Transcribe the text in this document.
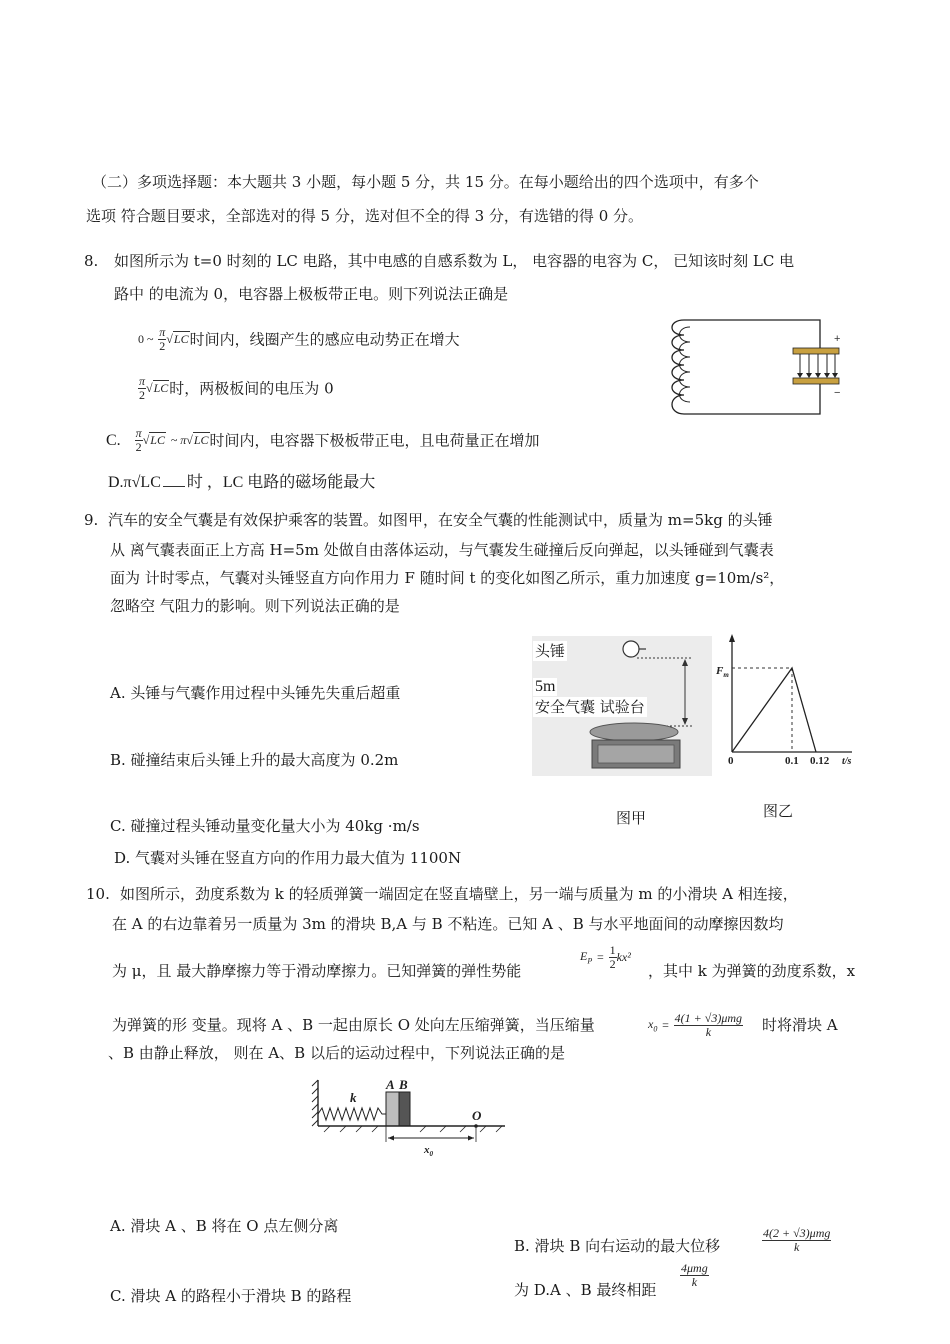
（二）多项选择题：本大题共 3 小题，每小题 5 分，共 15 分。在每小题给出的四个选项中，有多个
选项 符合题目要求，全部选对的得 5 分，选对但不全的得 3 分，有选错的得 0 分。
8. 如图所示为 t=0 时刻的 LC 电路，其中电感的自感系数为 L， 电容器的电容为 C， 已知该时刻 LC 电
路中 的电流为 0，电容器上极板带正电。则下列说法正确是
0 ~ $\frac{\pi}{2} √LC$时间内，线圈产生的感应电动势正在增大
$\frac{\pi}{2} √LC$时，两极板间的电压为 0
C. $\frac{\pi}{2} √LC$ ~ π√LC时间内，电容器下极板带正电，且电荷量正在增加
D.π√LC 时 ，LC 电路的磁场能最大
+
−
9. 汽车的安全气囊是有效保护乘客的装置。如图甲，在安全气囊的性能测试中，质量为 m=5kg 的头锤
从 离气囊表面正上方高 H=5m 处做自由落体运动，与气囊发生碰撞后反向弹起，以头锤碰到气囊表
面为 计时零点，气囊对头锤竖直方向作用力 F 随时间 t 的变化如图乙所示，重力加速度 g=10m/s²，
忽略空 气阻力的影响。则下列说法正确的是
A. 头锤与气囊作用过程中头锤先失重后超重
B. 碰撞结束后头锤上升的最大高度为 0.2m
C. 碰撞过程头锤动量变化量大小为 40kg ·m/s
D. 气囊对头锤在竖直方向的作用力最大值为 1100N
头锤
5m
安全气囊 试验台
图甲
$F_m$
0	0.1 0.12 t/s
图乙
10. 如图所示，劲度系数为 k 的轻质弹簧一端固定在竖直墙壁上，另一端与质量为 m 的小滑块 A 相连接，
在 A 的右边靠着另一质量为 3m 的滑块 B,A 与 B 不粘连。已知 A 、B 与水平地面间的动摩擦因数均
为 μ，且 最大静摩擦力等于滑动摩擦力。已知弹簧的弹性势能
$E_P = \frac{1}{2} kx^2$
，其中 k 为弹簧的劲度系数，x
为弹簧的形 变量。现将 A 、B 一起由原长 O 处向左压缩弹簧，当压缩量	$x_0 = \frac{\text{4(1 + √3)μmg}}{k}$ 时将滑块 A
、B 由静止释放， 则在 A、B 以后的运动过程中，下列说法正确的是
k
A B
O
$x_0$
A. 滑块 A 、B 将在 O 点左侧分离
B. 滑块 B 向右运动的最大位移	$\frac{\text{4(2 + √3)μmg}}{k}$
C. 滑块 A 的路程小于滑块 B 的路程	为 D.A 、B 最终相距
$\frac{\text{4μmg}}{k}$
